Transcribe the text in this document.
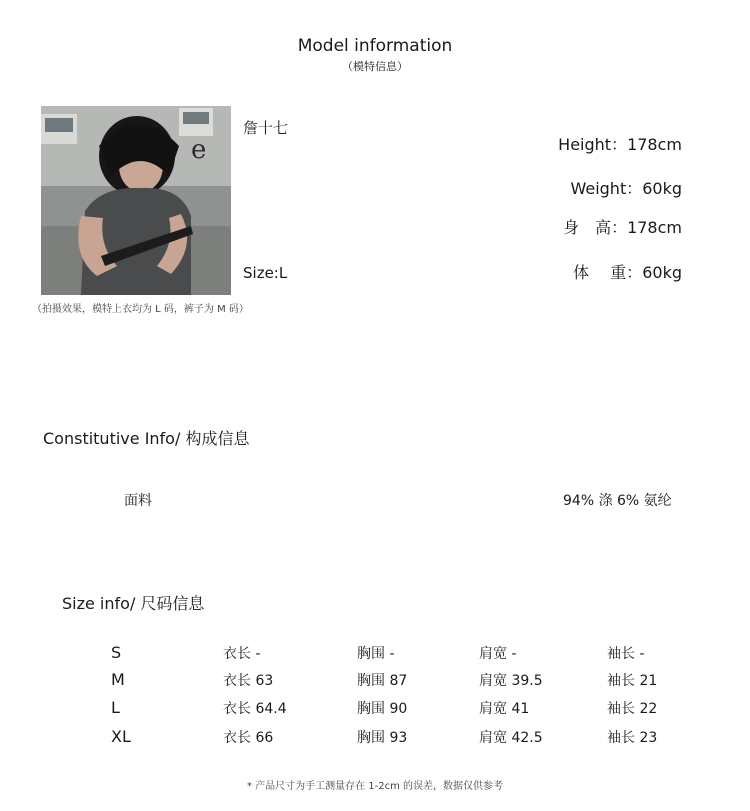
Model information
（模特信息）
e
詹十七
Size:L
（拍摄效果，模特上衣均为 L 码，裤子为 M 码）
Height：178cm
Weight：60kg
身　高：178cm
体　 重：60kg
Constitutive Info/ 构成信息
面料	94% 涤 6% 氨纶
Size info/ 尺码信息
S	衣长 -	胸围 -	肩宽 -	袖长 -
M	衣长 63	胸围 87	肩宽 39.5	袖长 21
L	衣长 64.4	胸围 90	肩宽 41	袖长 22
XL	衣长 66	胸围 93	肩宽 42.5	袖长 23
* 产品尺寸为手工测量存在 1-2cm 的误差，数据仅供参考
